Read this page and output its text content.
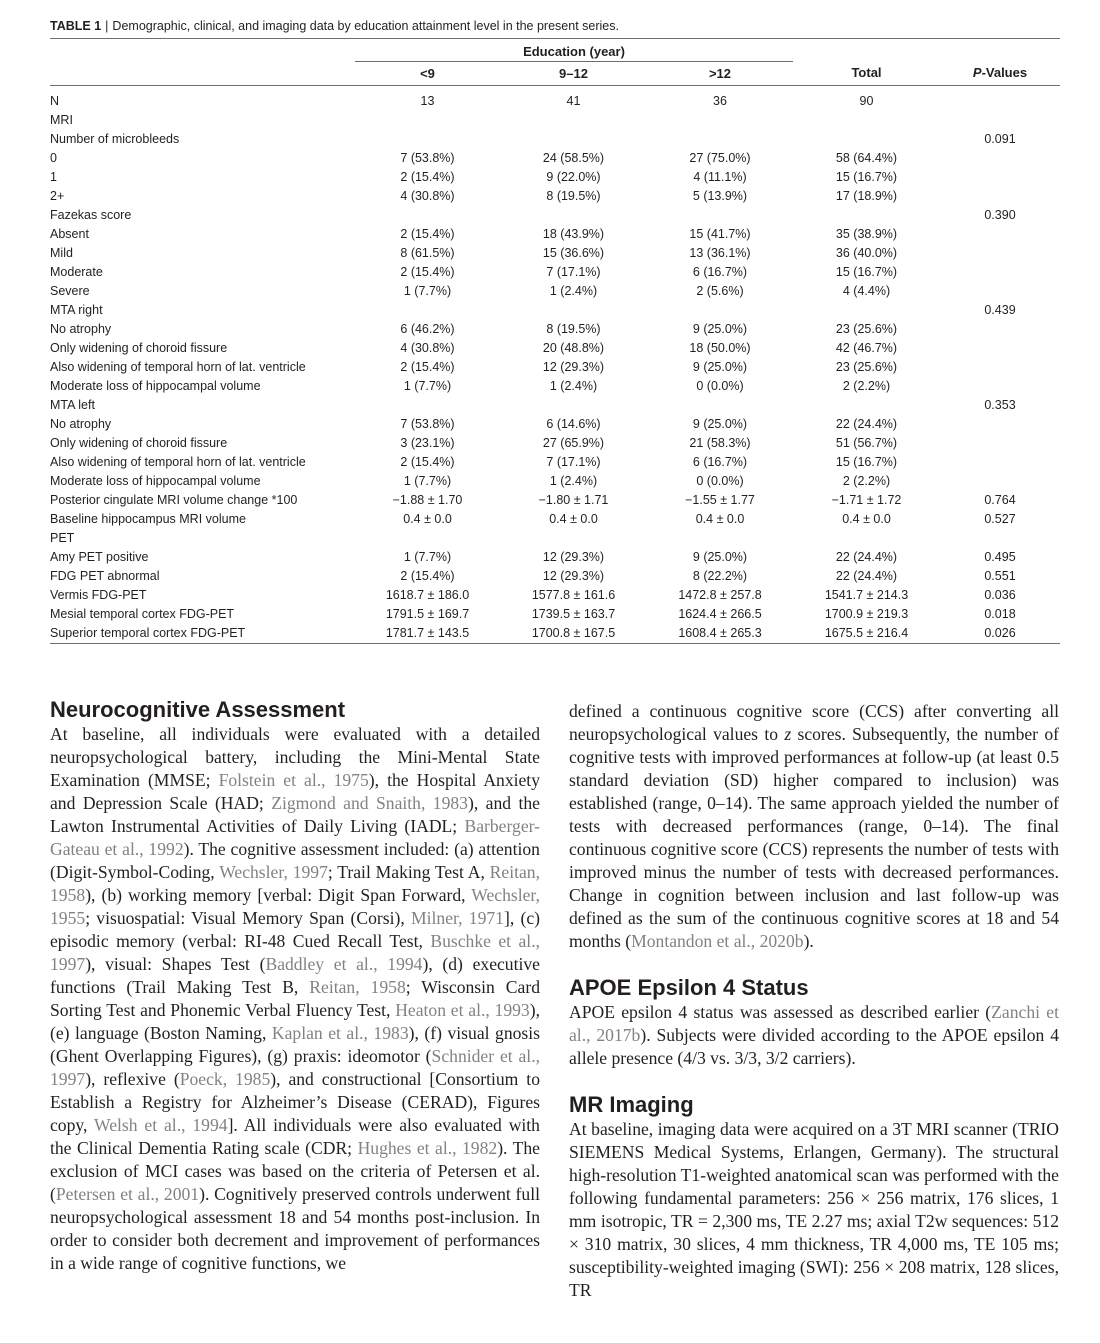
TABLE 1 | Demographic, clinical, and imaging data by education attainment level in the present series.
	Education (year)				
	<9	9–12	>12	Total	P-Values
N	13	41	36	90	
MRI					
Number of microbleeds					0.091
0	7 (53.8%)	24 (58.5%)	27 (75.0%)	58 (64.4%)	
1	2 (15.4%)	9 (22.0%)	4 (11.1%)	15 (16.7%)	
2+	4 (30.8%)	8 (19.5%)	5 (13.9%)	17 (18.9%)	
Fazekas score					0.390
Absent	2 (15.4%)	18 (43.9%)	15 (41.7%)	35 (38.9%)	
Mild	8 (61.5%)	15 (36.6%)	13 (36.1%)	36 (40.0%)	
Moderate	2 (15.4%)	7 (17.1%)	6 (16.7%)	15 (16.7%)	
Severe	1 (7.7%)	1 (2.4%)	2 (5.6%)	4 (4.4%)	
MTA right					0.439
No atrophy	6 (46.2%)	8 (19.5%)	9 (25.0%)	23 (25.6%)	
Only widening of choroid fissure	4 (30.8%)	20 (48.8%)	18 (50.0%)	42 (46.7%)	
Also widening of temporal horn of lat. ventricle	2 (15.4%)	12 (29.3%)	9 (25.0%)	23 (25.6%)	
Moderate loss of hippocampal volume	1 (7.7%)	1 (2.4%)	0 (0.0%)	2 (2.2%)	
MTA left					0.353
No atrophy	7 (53.8%)	6 (14.6%)	9 (25.0%)	22 (24.4%)	
Only widening of choroid fissure	3 (23.1%)	27 (65.9%)	21 (58.3%)	51 (56.7%)	
Also widening of temporal horn of lat. ventricle	2 (15.4%)	7 (17.1%)	6 (16.7%)	15 (16.7%)	
Moderate loss of hippocampal volume	1 (7.7%)	1 (2.4%)	0 (0.0%)	2 (2.2%)	
Posterior cingulate MRI volume change *100	−1.88 ± 1.70	−1.80 ± 1.71	−1.55 ± 1.77	−1.71 ± 1.72	0.764
Baseline hippocampus MRI volume	0.4 ± 0.0	0.4 ± 0.0	0.4 ± 0.0	0.4 ± 0.0	0.527
PET					
Amy PET positive	1 (7.7%)	12 (29.3%)	9 (25.0%)	22 (24.4%)	0.495
FDG PET abnormal	2 (15.4%)	12 (29.3%)	8 (22.2%)	22 (24.4%)	0.551
Vermis FDG-PET	1618.7 ± 186.0	1577.8 ± 161.6	1472.8 ± 257.8	1541.7 ± 214.3	0.036
Mesial temporal cortex FDG-PET	1791.5 ± 169.7	1739.5 ± 163.7	1624.4 ± 266.5	1700.9 ± 219.3	0.018
Superior temporal cortex FDG-PET	1781.7 ± 143.5	1700.8 ± 167.5	1608.4 ± 265.3	1675.5 ± 216.4	0.026
Neurocognitive Assessment

At baseline, all individuals were evaluated with a detailed neuropsychological battery, including the Mini-Mental State Examination (MMSE; Folstein et al., 1975), the Hospital Anxiety and Depression Scale (HAD; Zigmond and Snaith, 1983), and the Lawton Instrumental Activities of Daily Living (IADL; Barberger-Gateau et al., 1992). The cognitive assessment included: (a) attention (Digit-Symbol-Coding, Wechsler, 1997; Trail Making Test A, Reitan, 1958), (b) working memory [verbal: Digit Span Forward, Wechsler, 1955; visuospatial: Visual Memory Span (Corsi), Milner, 1971], (c) episodic memory (verbal: RI-48 Cued Recall Test, Buschke et al., 1997), visual: Shapes Test (Baddley et al., 1994), (d) executive functions (Trail Making Test B, Reitan, 1958; Wisconsin Card Sorting Test and Phonemic Verbal Fluency Test, Heaton et al., 1993), (e) language (Boston Naming, Kaplan et al., 1983), (f) visual gnosis (Ghent Overlapping Figures), (g) praxis: ideomotor (Schnider et al., 1997), reflexive (Poeck, 1985), and constructional [Consortium to Establish a Registry for Alzheimer’s Disease (CERAD), Figures copy, Welsh et al., 1994]. All individuals were also evaluated with the Clinical Dementia Rating scale (CDR; Hughes et al., 1982). The exclusion of MCI cases was based on the criteria of Petersen et al. (Petersen et al., 2001). Cognitively preserved controls underwent full neuropsychological assessment 18 and 54 months post-inclusion. In order to consider both decrement and improvement of performances in a wide range of cognitive functions, we

defined a continuous cognitive score (CCS) after converting all neuropsychological values to z scores. Subsequently, the number of cognitive tests with improved performances at follow-up (at least 0.5 standard deviation (SD) higher compared to inclusion) was established (range, 0–14). The same approach yielded the number of tests with decreased performances (range, 0–14). The final continuous cognitive score (CCS) represents the number of tests with improved minus the number of tests with decreased performances. Change in cognition between inclusion and last follow-up was defined as the sum of the continuous cognitive scores at 18 and 54 months (Montandon et al., 2020b).

APOE Epsilon 4 Status

APOE epsilon 4 status was assessed as described earlier (Zanchi et al., 2017b). Subjects were divided according to the APOE epsilon 4 allele presence (4/3 vs. 3/3, 3/2 carriers).

MR Imaging

At baseline, imaging data were acquired on a 3T MRI scanner (TRIO SIEMENS Medical Systems, Erlangen, Germany). The structural high-resolution T1-weighted anatomical scan was performed with the following fundamental parameters: 256 × 256 matrix, 176 slices, 1 mm isotropic, TR = 2,300 ms, TE 2.27 ms; axial T2w sequences: 512 × 310 matrix, 30 slices, 4 mm thickness, TR 4,000 ms, TE 105 ms; susceptibility-weighted imaging (SWI): 256 × 208 matrix, 128 slices, TR
